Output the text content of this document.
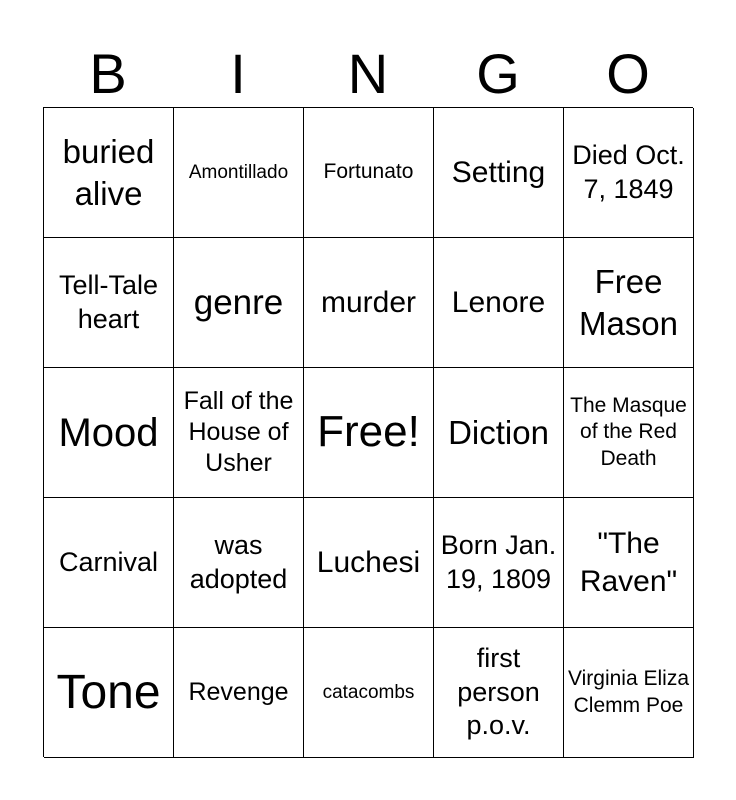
B	I	N	G	O
buried alive
Amontillado Fortunato Setting
Died Oct. 7, 1849
Tell-Tale heart	genre murder Lenore
Free Mason
Mood
Fall of the House of Usher
Free! Diction
The Masque of the Red Death
Carnival
was adopted Luchesi
Born Jan. 19, 1809
"The Raven"
Tone Revenge catacombs
first person p.o.v.
Virginia Eliza Clemm Poe
